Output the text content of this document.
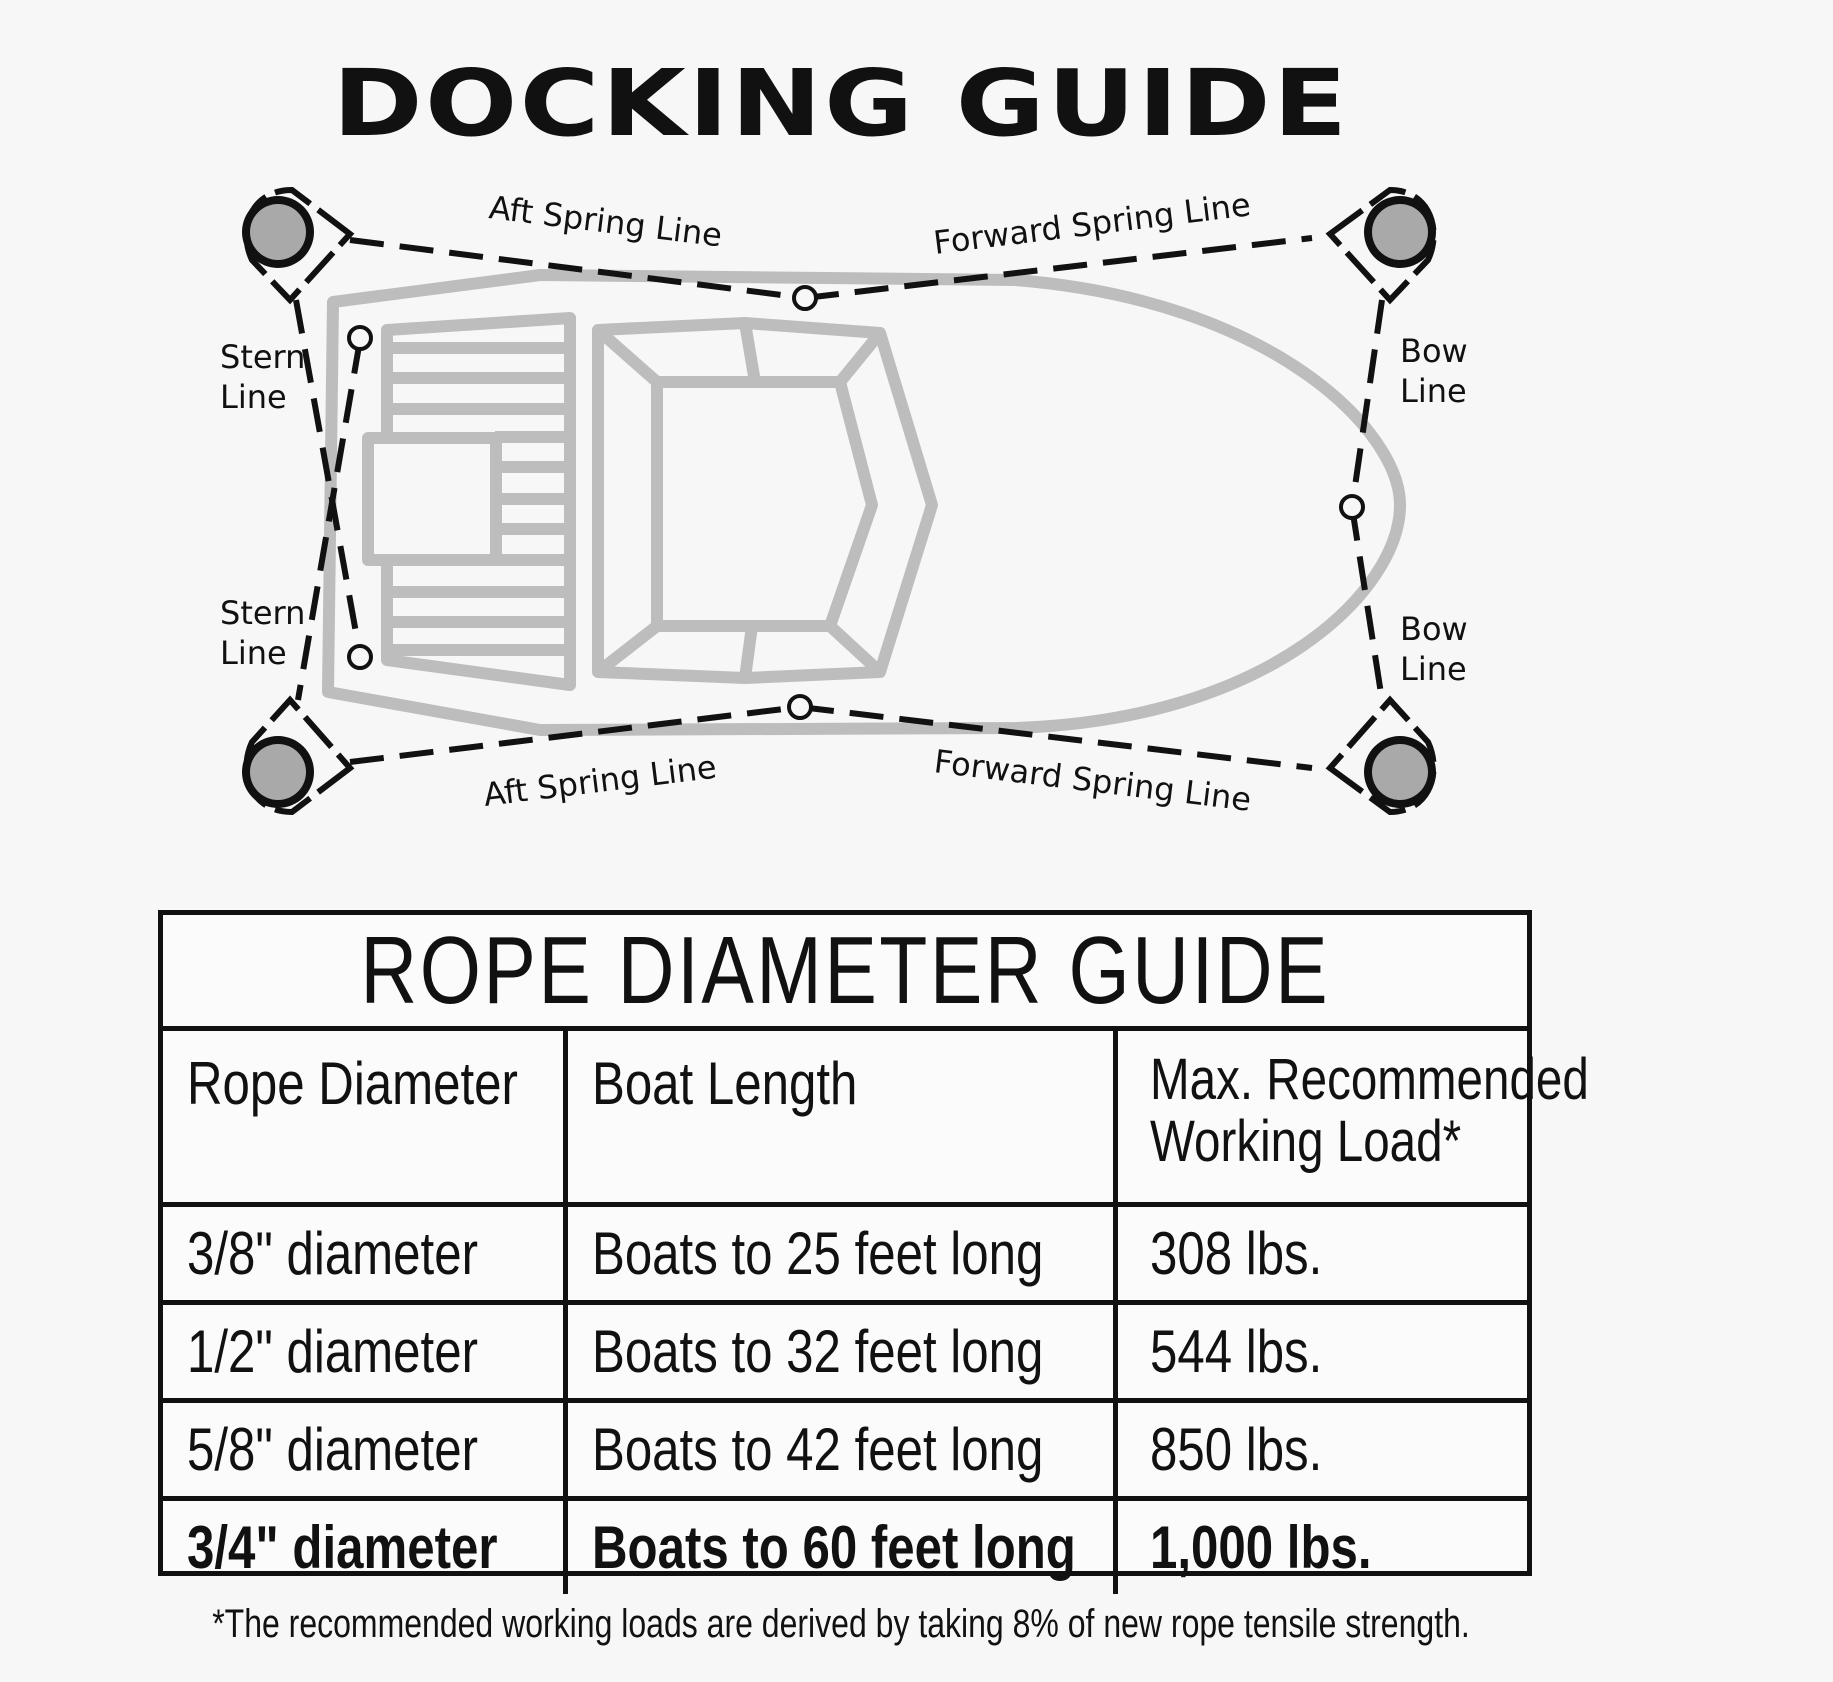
DOCKING GUIDE
Aft Spring Line	Forward Spring Line
Aft Spring Line	Forward Spring Line
Stern
Line
Stern
Line
Bow
Line
Bow
Line
ROPE DIAMETER GUIDE
Rope Diameter	Boat Length	Max. Recommended
Working Load*

3/8" diameter	Boats to 25 feet long	308 lbs.
1/2" diameter	Boats to 32 feet long	544 lbs.
5/8" diameter	Boats to 42 feet long	850 lbs.
3/4" diameter	Boats to 60 feet long	1,000 lbs.
*The recommended working loads are derived by taking 8% of new rope tensile strength.
